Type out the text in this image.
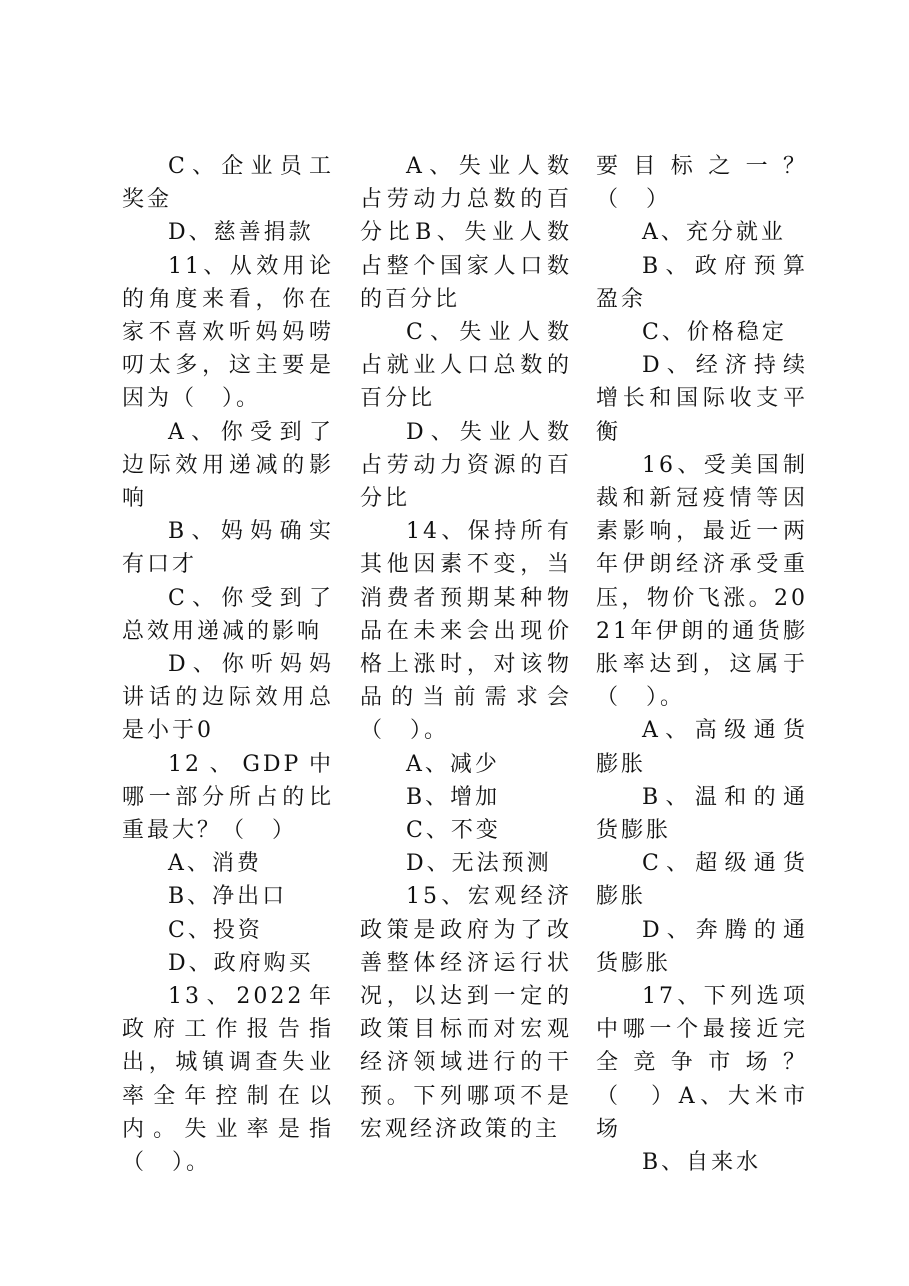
C、企业员工奖金

D、慈善捐款

11、从效用论的角度来看，你在家不喜欢听妈妈唠叨太多，这主要是因为（　）。

A、你受到了边际效用递减的影响

B、妈妈确实有口才

C、你受到了总效用递减的影响

D、你听妈妈讲话的边际效用总是小于0

12、GDP中哪一部分所占的比重最大？（　）

A、消费

B、净出口

C、投资

D、政府购买

13、2022年政府工作报告指出，城镇调查失业率全年控制在以内。失业率是指（　）。

A、失业人数占劳动力总数的百分比B、失业人数占整个国家人口数的百分比

C、失业人数占就业人口总数的百分比

D、失业人数占劳动力资源的百分比

14、保持所有其他因素不变，当消费者预期某种物品在未来会出现价格上涨时，对该物品的当前需求会（　）。

A、减少

B、增加

C、不变

D、无法预测

15、宏观经济政策是政府为了改善整体经济运行状况，以达到一定的政策目标而对宏观经济领域进行的干预。下列哪项不是宏观经济政策的主

要目标之一？（　）

A、充分就业

B、政府预算盈余

C、价格稳定

D、经济持续增长和国际收支平衡

16、受美国制裁和新冠疫情等因素影响，最近一两年伊朗经济承受重压，物价飞涨。2021年伊朗的通货膨胀率达到，这属于（　）。

A、高级通货膨胀

B、温和的通货膨胀

C、超级通货膨胀

D、奔腾的通货膨胀

17、下列选项中哪一个最接近完全竞争市场？（　）A、大米市场

B、自来水
